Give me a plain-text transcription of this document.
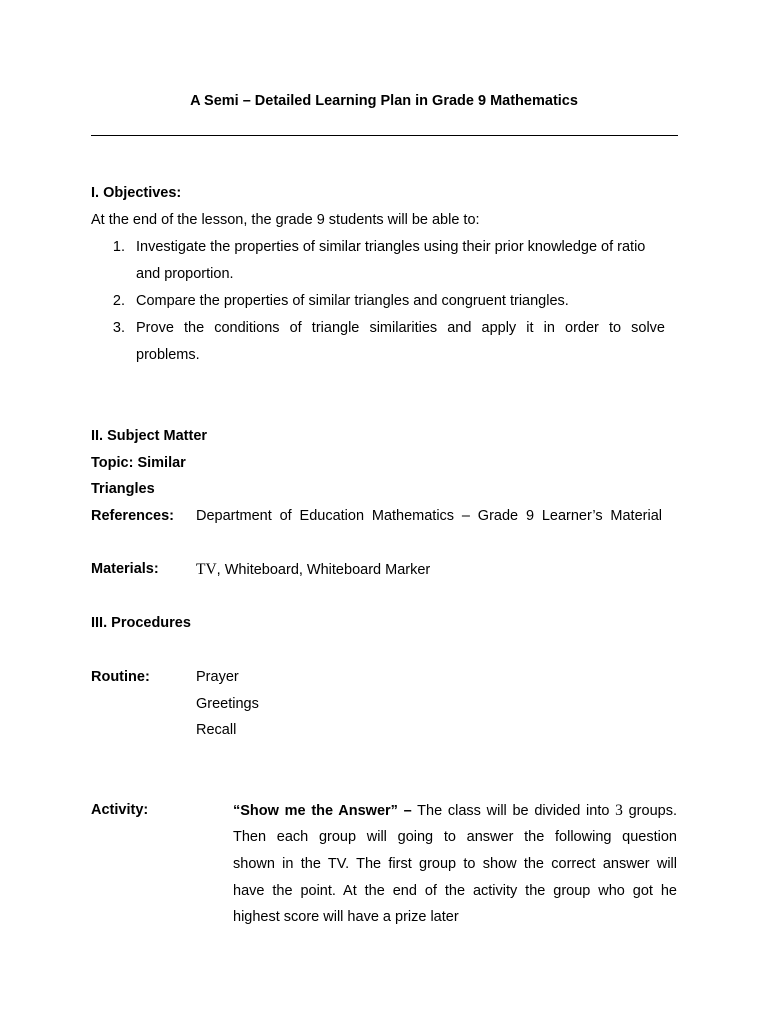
A Semi – Detailed Learning Plan in Grade 9 Mathematics
I. Objectives:
At the end of the lesson, the grade 9 students will be able to:
1. Investigate the properties of similar triangles using their prior knowledge of ratio
and proportion.
2. Compare the properties of similar triangles and congruent triangles.
3. Prove the conditions of triangle similarities and apply it in order to solve
problems.
II. Subject Matter
Topic: Similar
Triangles
References: Department of Education Mathematics – Grade 9 Learner’s Material
Materials: TV, Whiteboard, Whiteboard Marker
III. Procedures
Routine:	Prayer
Greetings
Recall
Activity:	“Show me the Answer” – The class will be divided into 3 groups.
Then each group will going to answer the following question
shown in the TV. The first group to show the correct answer will
have the point. At the end of the activity the group who got he
highest score will have a prize later
